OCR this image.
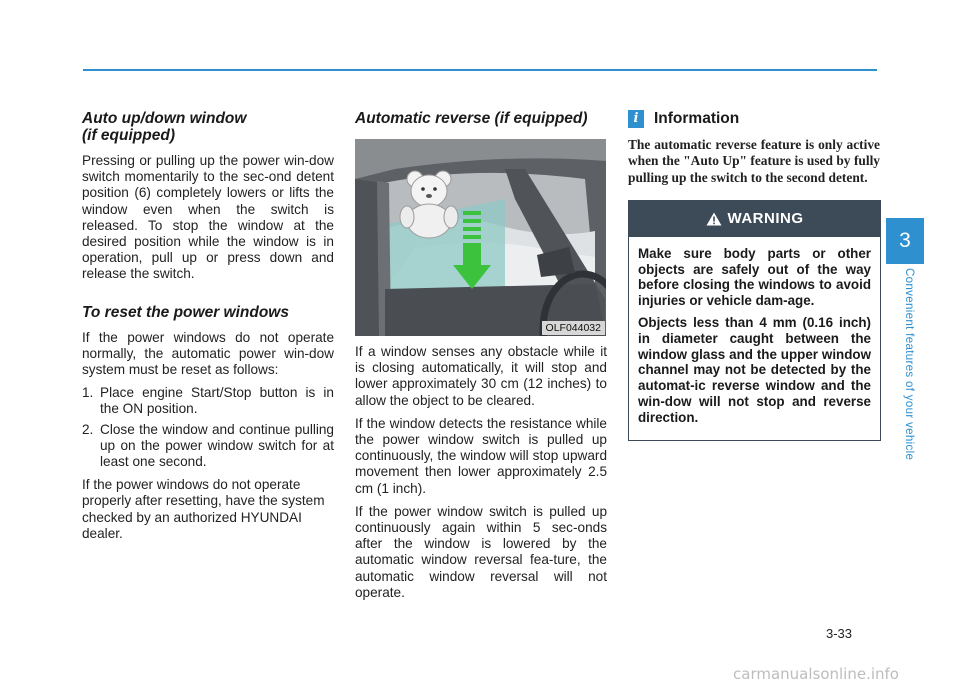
Auto up/down window
(if equipped)

Pressing or pulling up the power win-dow switch momentarily to the sec-ond detent position (6) completely lowers or lifts the window even when the switch is released. To stop the window at the desired position while the window is in operation, pull up or press down and release the switch.

To reset the power windows

If the power windows do not operate normally, the automatic power win-dow system must be reset as follows:

1. Place engine Start/Stop button is in the ON position.
2. Close the window and continue pulling up on the power window switch for at least one second.

If the power windows do not operate properly after resetting, have the system checked by an authorized HYUNDAI dealer.

Automatic reverse (if equipped)
OLF044032

If a window senses any obstacle while it is closing automatically, it will stop and lower approximately 30 cm (12 inches) to allow the object to be cleared.

If the window detects the resistance while the power window switch is pulled up continuously, the window will stop upward movement then lower approximately 2.5 cm (1 inch).

If the power window switch is pulled up continuously again within 5 sec-onds after the window is lowered by the automatic window reversal fea-ture, the automatic window reversal will not operate.

i	Information

The automatic reverse feature is only active when the "Auto Up" feature is used by fully pulling up the switch to the second detent.

WARNING

Make sure body parts or other objects are safely out of the way before closing the windows to avoid injuries or vehicle dam-age.

Objects less than 4 mm (0.16 inch) in diameter caught between the window glass and the upper window channel may not be detected by the automat-ic reverse window and the win-dow will not stop and reverse direction.

3
Convenient features of your vehicle
3-33
carmanualsonline.info
